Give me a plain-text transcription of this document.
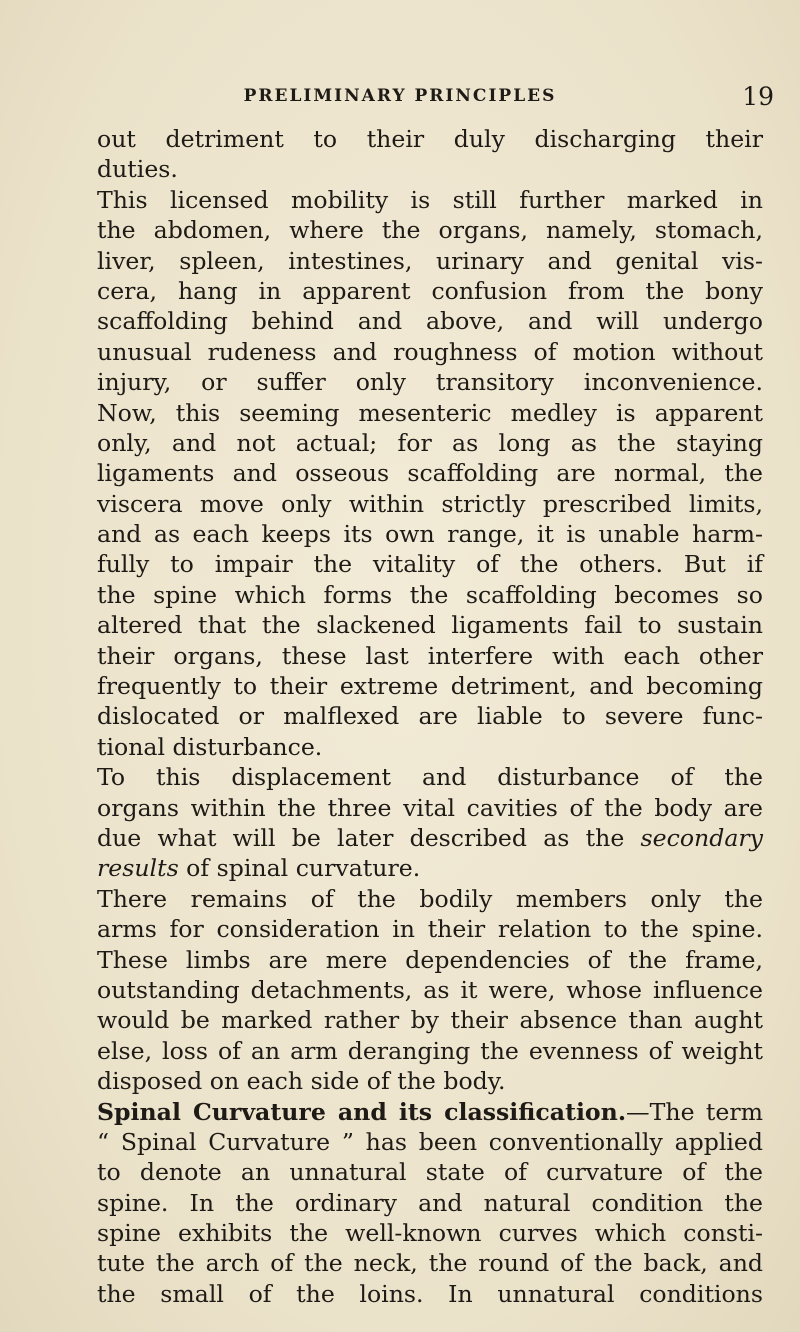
PRELIMINARY PRINCIPLES	19
out detriment to their duly discharging their
duties.
This licensed mobility is still further marked in
the abdomen, where the organs, namely, stomach,
liver, spleen, intestines, urinary and genital vis-
cera, hang in apparent confusion from the bony
scaffolding behind and above, and will undergo
unusual rudeness and roughness of motion without
injury, or suffer only transitory inconvenience.
Now, this seeming mesenteric medley is apparent
only, and not actual; for as long as the staying
ligaments and osseous scaffolding are normal, the
viscera move only within strictly prescribed limits,
and as each keeps its own range, it is unable harm-
fully to impair the vitality of the others. But if
the spine which forms the scaffolding becomes so
altered that the slackened ligaments fail to sustain
their organs, these last interfere with each other
frequently to their extreme detriment, and becoming
dislocated or malflexed are liable to severe func-
tional disturbance.
To this displacement and disturbance of the
organs within the three vital cavities of the body are
due what will be later described as the secondary
results of spinal curvature.
There remains of the bodily members only the
arms for consideration in their relation to the spine.
These limbs are mere dependencies of the frame,
outstanding detachments, as it were, whose influence
would be marked rather by their absence than aught
else, loss of an arm deranging the evenness of weight
disposed on each side of the body.
Spinal Curvature and its classification.—The term
“ Spinal Curvature ” has been conventionally applied
to denote an unnatural state of curvature of the
spine. In the ordinary and natural condition the
spine exhibits the well-known curves which consti-
tute the arch of the neck, the round of the back, and
the small of the loins. In unnatural conditions
